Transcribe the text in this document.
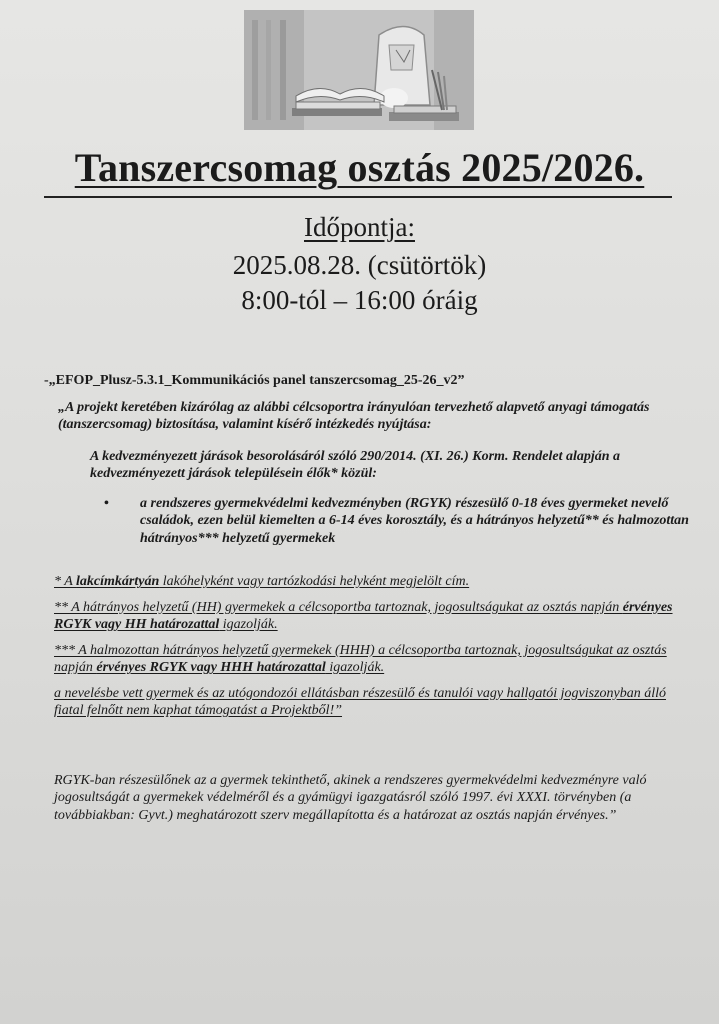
Tanszercsomag osztás 2025/2026.
Időpontja:
2025.08.28. (csütörtök)
8:00-tól – 16:00 óráig

-„EFOP_Plusz-5.3.1_Kommunikációs panel tanszercsomag_25-26_v2”

„A projekt keretében kizárólag az alábbi célcsoportra irányulóan tervezhető alapvető anyagi támogatás (tanszercsomag) biztosítása, valamint kísérő intézkedés nyújtása:

A kedvezményezett járások besorolásáról szóló 290/2014. (XI. 26.) Korm. Rendelet alapján a kedvezményezett járások településein élők* közül:

• a rendszeres gyermekvédelmi kedvezményben (RGYK) részesülő 0-18 éves gyermeket nevelő családok, ezen belül kiemelten a 6-14 éves korosztály, és a hátrányos helyzetű** és halmozottan hátrányos*** helyzetű gyermekek

* A lakcímkártyán lakóhelyként vagy tartózkodási helyként megjelölt cím.

** A hátrányos helyzetű (HH) gyermekek a célcsoportba tartoznak, jogosultságukat az osztás napján érvényes RGYK vagy HH határozattal igazolják.

*** A halmozottan hátrányos helyzetű gyermekek (HHH) a célcsoportba tartoznak, jogosultságukat az osztás napján érvényes RGYK vagy HHH határozattal igazolják.

a nevelésbe vett gyermek és az utógondozói ellátásban részesülő és tanulói vagy hallgatói jogviszonyban álló fiatal felnőtt nem kaphat támogatást a Projektből!”

RGYK-ban részesülőnek az a gyermek tekinthető, akinek a rendszeres gyermekvédelmi kedvezményre való jogosultságát a gyermekek védelméről és a gyámügyi igazgatásról szóló 1997. évi XXXI. törvényben (a továbbiakban: Gyvt.) meghatározott szerv megállapította és a határozat az osztás napján érvényes.”
